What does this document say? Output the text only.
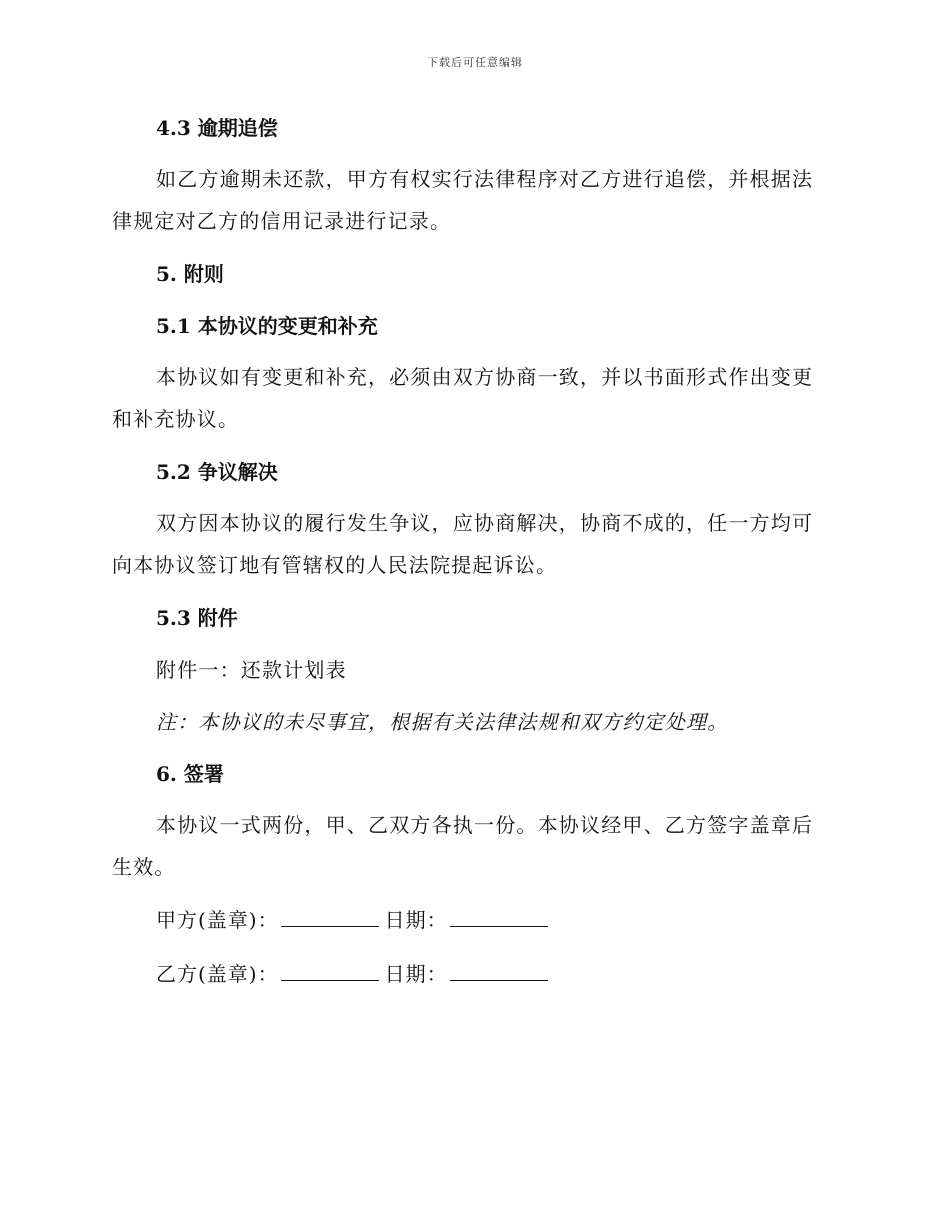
下载后可任意编辑
4.3 逾期追偿

如乙方逾期未还款，甲方有权实行法律程序对乙方进行追偿，并根据法律规定对乙方的信用记录进行记录。

5. 附则
5.1 本协议的变更和补充

本协议如有变更和补充，必须由双方协商一致，并以书面形式作出变更和补充协议。

5.2 争议解决

双方因本协议的履行发生争议，应协商解决，协商不成的，任一方均可向本协议签订地有管辖权的人民法院提起诉讼。

5.3 附件
附件一：还款计划表
注：本协议的未尽事宜，根据有关法律法规和双方约定处理。
6. 签署

本协议一式两份，甲、乙双方各执一份。本协议经甲、乙方签字盖章后生效。

甲方(盖章)：	日期：
乙方(盖章)：	日期：
